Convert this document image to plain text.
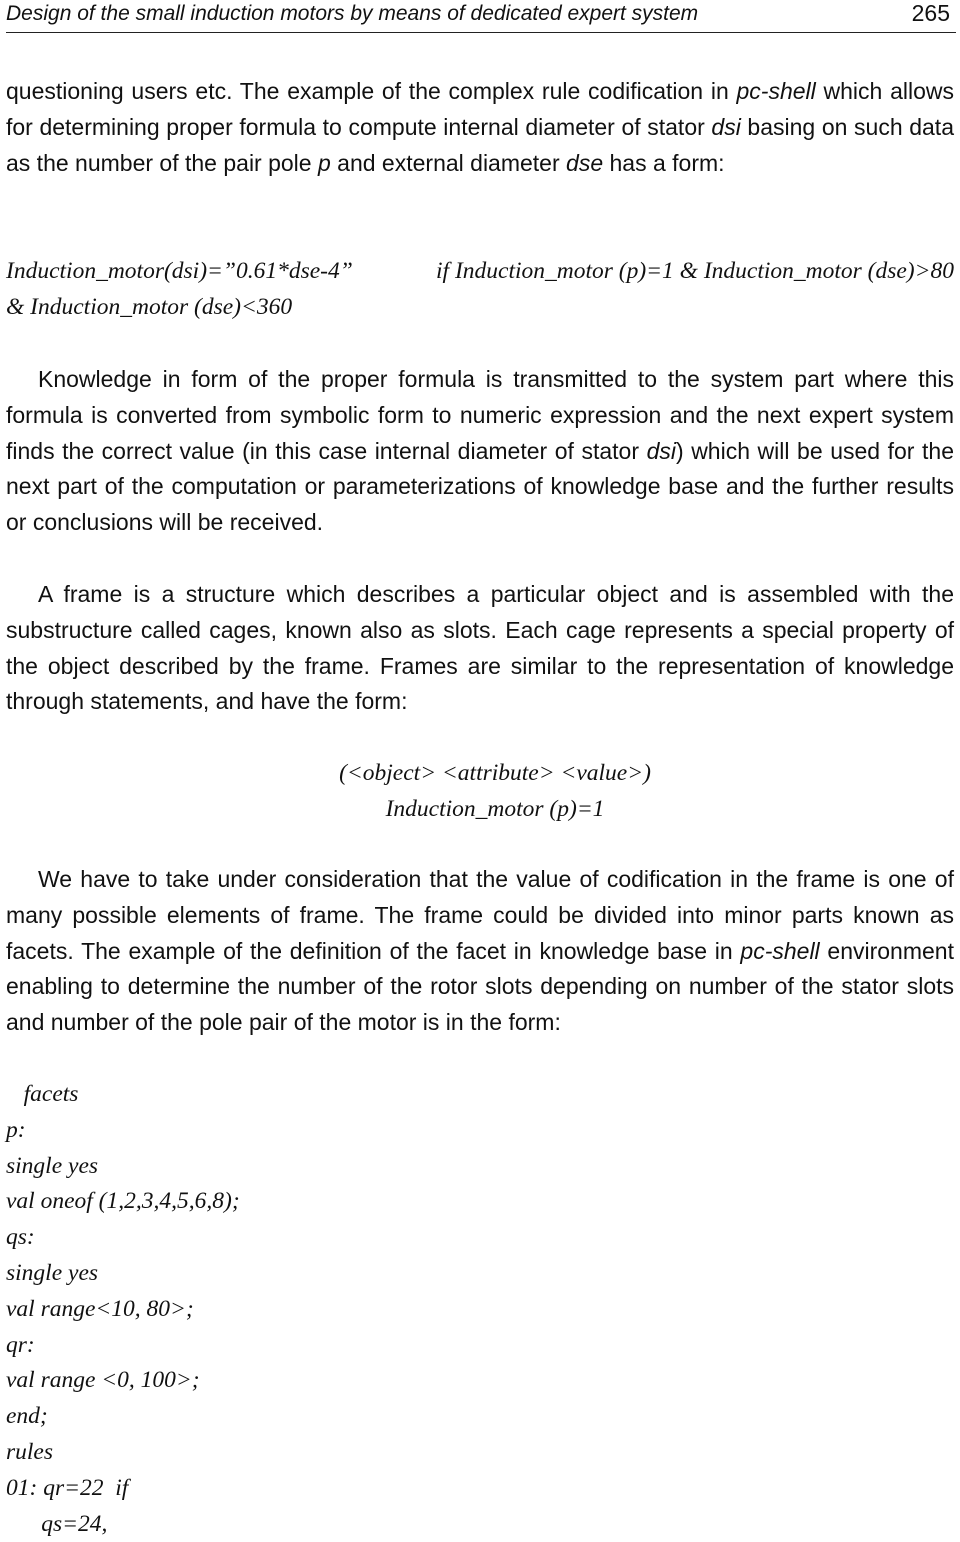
Design of the small induction motors by means of dedicated expert system	265

questioning users etc. The example of the complex rule codification in pc-shell which allows for determining proper formula to compute internal diameter of stator dsi basing on such data as the number of the pair pole p and external diameter dse has a form:

Induction_motor(dsi)=”0.61*dse-4”	if Induction_motor (p)=1 & Induction_motor (dse)>80
& Induction_motor (dse)<360

Knowledge in form of the proper formula is transmitted to the system part where this formula is converted from symbolic form to numeric expression and the next expert system finds the correct value (in this case internal diameter of stator dsi) which will be used for the next part of the computation or parameterizations of knowledge base and the further results or conclusions will be received.

A frame is a structure which describes a particular object and is assembled with the substructure called cages, known also as slots. Each cage represents a special property of the object described by the frame. Frames are similar to the representation of knowledge through statements, and have the form:

(<object> <attribute> <value>)
Induction_motor (p)=1

We have to take under consideration that the value of codification in the frame is one of many possible elements of frame. The frame could be divided into minor parts known as facets. The example of the definition of the facet in knowledge base in pc-shell environment enabling to determine the number of the rotor slots depending on number of the stator slots and number of the pole pair of the motor is in the form:

facets
p:
single yes
val oneof (1,2,3,4,5,6,8);
qs:
single yes
val range<10, 80>;
qr:
val range <0, 100>;
end;
rules
01: qr=22  if
qs=24,
